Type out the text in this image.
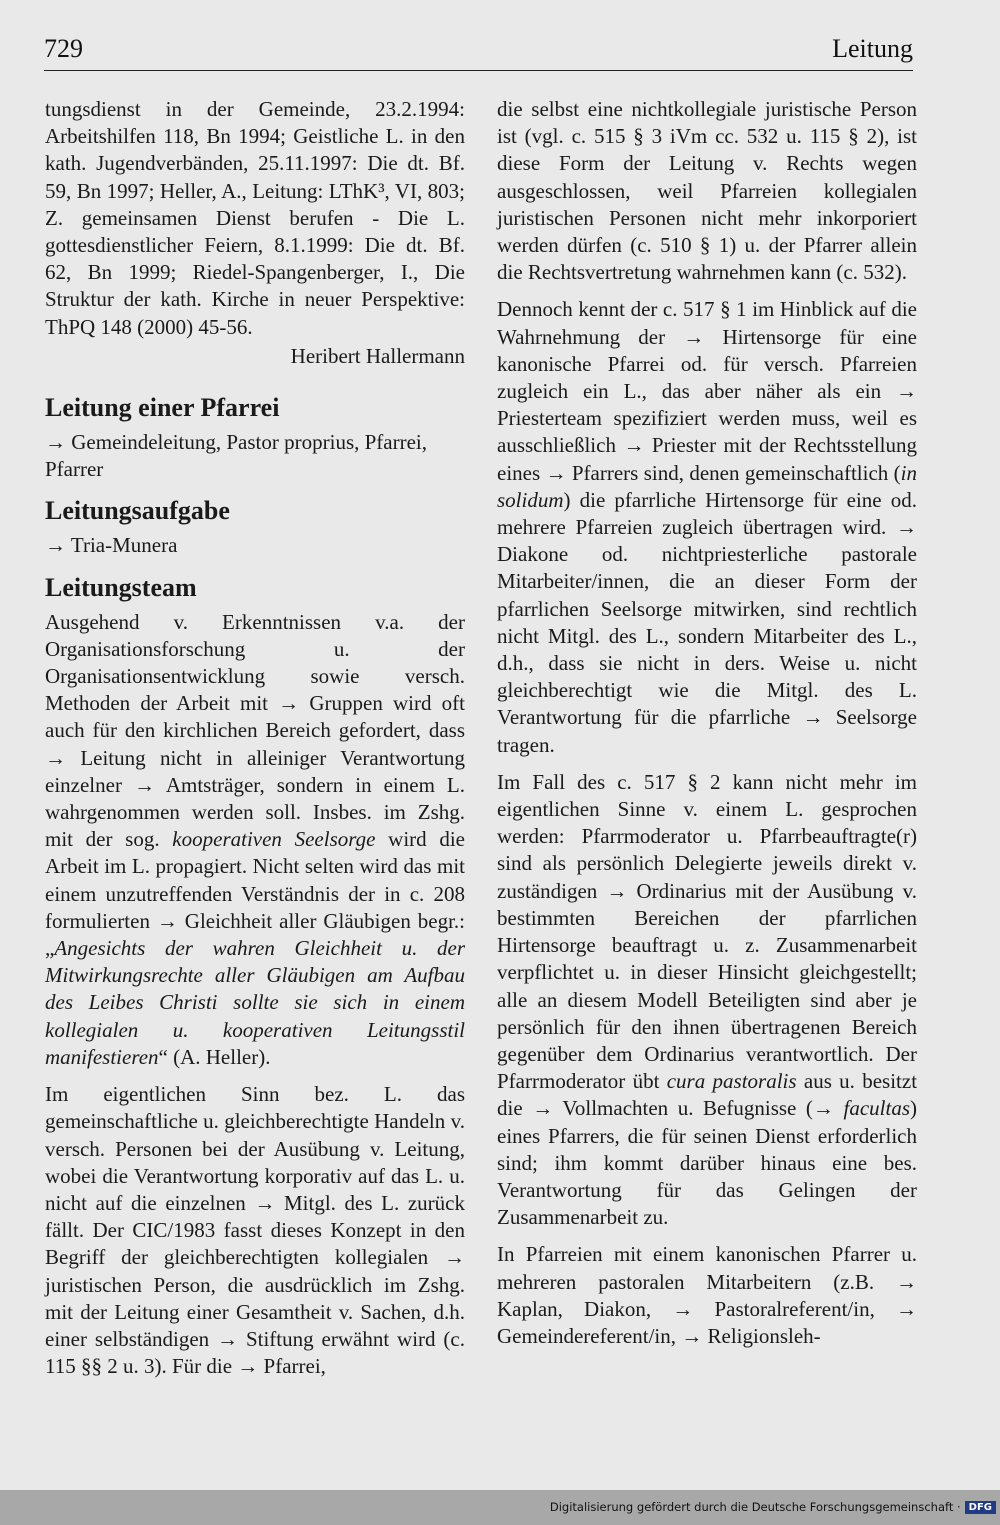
729	Leitung

tungsdienst in der Gemeinde, 23.2.1994: Arbeitshilfen 118, Bn 1994; Geistliche L. in den kath. Jugendverbänden, 25.11.1997: Die dt. Bf. 59, Bn 1997; Heller, A., Leitung: LThK³, VI, 803; Z. gemeinsamen Dienst berufen - Die L. gottesdienstlicher Feiern, 8.1.1999: Die dt. Bf. 62, Bn 1999; Riedel-Spangenberger, I., Die Struktur der kath. Kirche in neuer Perspektive: ThPQ 148 (2000) 45-56.

Heribert Hallermann

Leitung einer Pfarrei

→ Gemeindeleitung, Pastor proprius, Pfarrei, Pfarrer

Leitungsaufgabe

→ Tria-Munera

Leitungsteam

Ausgehend v. Erkenntnissen v.a. der Organisationsforschung u. der Organisationsentwicklung sowie versch. Methoden der Arbeit mit → Gruppen wird oft auch für den kirchlichen Bereich gefordert, dass → Leitung nicht in alleiniger Verantwortung einzelner → Amtsträger, sondern in einem L. wahrgenommen werden soll. Insbes. im Zshg. mit der sog. kooperativen Seelsorge wird die Arbeit im L. propagiert. Nicht selten wird das mit einem unzutreffenden Verständnis der in c. 208 formulierten → Gleichheit aller Gläubigen begr.: „Angesichts der wahren Gleichheit u. der Mitwirkungsrechte aller Gläubigen am Aufbau des Leibes Christi sollte sie sich in einem kollegialen u. kooperativen Leitungsstil manifestieren“ (A. Heller).

Im eigentlichen Sinn bez. L. das gemeinschaftliche u. gleichberechtigte Handeln v. versch. Personen bei der Ausübung v. Leitung, wobei die Verantwortung korporativ auf das L. u. nicht auf die einzelnen → Mitgl. des L. zurück fällt. Der CIC/1983 fasst dieses Konzept in den Begriff der gleichberechtigten kollegialen → juristischen Person, die ausdrücklich im Zshg. mit der Leitung einer Gesamtheit v. Sachen, d.h. einer selbständigen → Stiftung erwähnt wird (c. 115 §§ 2 u. 3). Für die → Pfarrei,

die selbst eine nichtkollegiale juristische Person ist (vgl. c. 515 § 3 iVm cc. 532 u. 115 § 2), ist diese Form der Leitung v. Rechts wegen ausgeschlossen, weil Pfarreien kollegialen juristischen Personen nicht mehr inkorporiert werden dürfen (c. 510 § 1) u. der Pfarrer allein die Rechtsvertretung wahrnehmen kann (c. 532).

Dennoch kennt der c. 517 § 1 im Hinblick auf die Wahrnehmung der → Hirtensorge für eine kanonische Pfarrei od. für versch. Pfarreien zugleich ein L., das aber näher als ein → Priesterteam spezifiziert werden muss, weil es ausschließlich → Priester mit der Rechtsstellung eines → Pfarrers sind, denen gemeinschaftlich (in solidum) die pfarrliche Hirtensorge für eine od. mehrere Pfarreien zugleich übertragen wird. → Diakone od. nichtpriesterliche pastorale Mitarbeiter/innen, die an dieser Form der pfarrlichen Seelsorge mitwirken, sind rechtlich nicht Mitgl. des L., sondern Mitarbeiter des L., d.h., dass sie nicht in ders. Weise u. nicht gleichberechtigt wie die Mitgl. des L. Verantwortung für die pfarrliche → Seelsorge tragen.

Im Fall des c. 517 § 2 kann nicht mehr im eigentlichen Sinne v. einem L. gesprochen werden: Pfarrmoderator u. Pfarrbeauftragte(r) sind als persönlich Delegierte jeweils direkt v. zuständigen → Ordinarius mit der Ausübung v. bestimmten Bereichen der pfarrlichen Hirtensorge beauftragt u. z. Zusammenarbeit verpflichtet u. in dieser Hinsicht gleichgestellt; alle an diesem Modell Beteiligten sind aber je persönlich für den ihnen übertragenen Bereich gegenüber dem Ordinarius verantwortlich. Der Pfarrmoderator übt cura pastoralis aus u. besitzt die → Vollmachten u. Befugnisse (→ facultas) eines Pfarrers, die für seinen Dienst erforderlich sind; ihm kommt darüber hinaus eine bes. Verantwortung für das Gelingen der Zusammenarbeit zu.

In Pfarreien mit einem kanonischen Pfarrer u. mehreren pastoralen Mitarbeitern (z.B. → Kaplan, Diakon, → Pastoralreferent/in, → Gemeindereferent/in, → Religionsleh-

Digitalisierung gefördert durch die Deutsche Forschungsgemeinschaft · DFG
